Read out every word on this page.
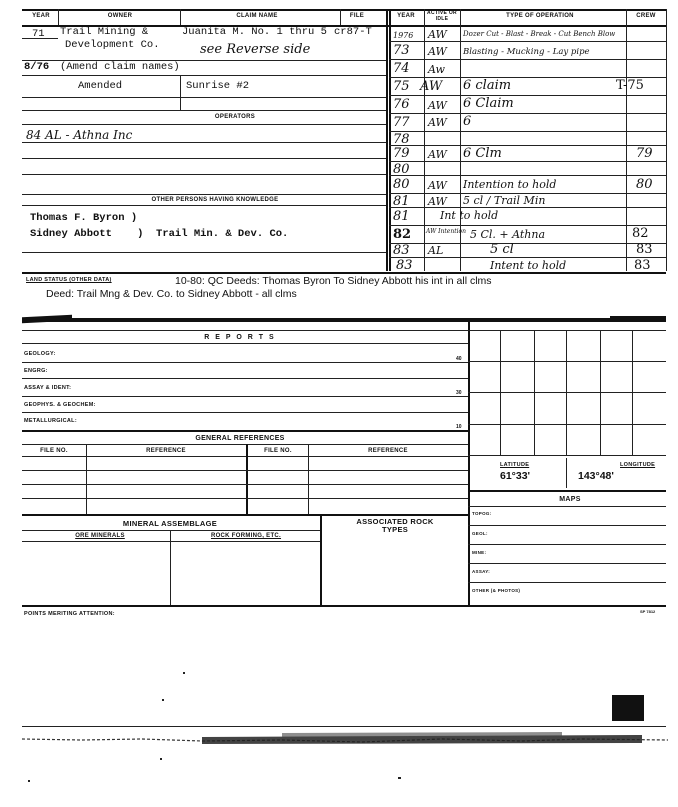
YEAR	OWNER	CLAIM NAME	FILE	YEAR	ACTIVE OR IDLE	TYPE OF OPERATION	CREW
71 Trail Mining &	Juanita M. No. 1 thru 5 cr87-T
Development Co.	see Reverse side
8/76 (Amend claim names)
Amended	Sunrise #2
OPERATORS
84 AL - Athna Inc
OTHER PERSONS HAVING KNOWLEDGE
Thomas F. Byron )
Sidney Abbott    )  Trail Min. & Dev. Co.
1976 AW Dozer Cut - Blast - Break - Cut Bench Blow
73 AW Blasting - Mucking - Lay pipe
74 Aw
75 AW 6 claim	T-75
76 AW 6 Claim
77 AW 6
78
79 AW 6 Clm	79
80
80 AW Intention to hold	80
81 AW 5 cl / Trail Min
81	Int to hold
82 AW Intention 5 Cl. + Athna	82
83 AL	5 cl	83
83	Intent to hold	83
LAND STATUS (OTHER DATA)	10-80: QC Deeds: Thomas Byron To Sidney Abbott his int in all clms
Deed: Trail Mng & Dev. Co. to Sidney Abbott - all clms
R E P O R T S
GEOLOGY:
40
ENGRG:
ASSAY & IDENT:
30
GEOPHYS. & GEOCHEM:
METALLURGICAL:
10
GENERAL REFERENCES
FILE NO.	REFERENCE	FILE NO.	REFERENCE
LATITUDE
61°33'
LONGITUDE
143°48'
MAPS
TOPOG:
GEOL:
MINE:
ASSAY:
OTHER (& PHOTOS)
MINERAL ASSEMBLAGE	ASSOCIATED ROCK TYPES
ORE MINERALS	ROCK FORMING, ETC.
POINTS MERITING ATTENTION:	SP 7812
